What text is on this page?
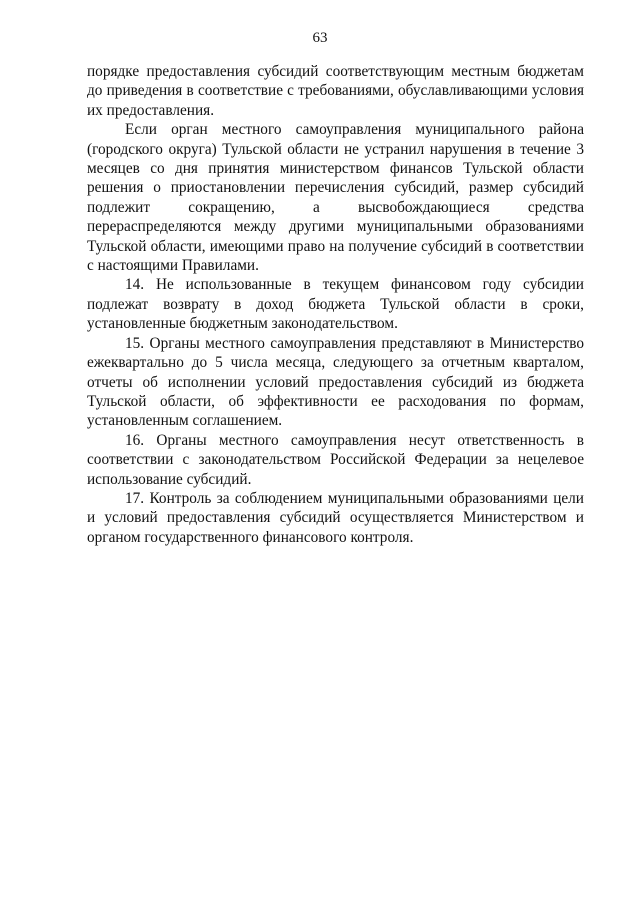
63

порядке предоставления субсидий соответствующим местным бюджетам до приведения в соответствие с требованиями, обуславливающими условия их предоставления.

Если орган местного самоуправления муниципального района (городского округа) Тульской области не устранил нарушения в течение 3 месяцев со дня принятия министерством финансов Тульской области решения о приостановлении перечисления субсидий, размер субсидий подлежит сокращению, а высвобождающиеся средства перераспределяются между другими муниципальными образованиями Тульской области, имеющими право на получение субсидий в соответствии с настоящими Правилами.

14. Не использованные в текущем финансовом году субсидии подлежат возврату в доход бюджета Тульской области в сроки, установленные бюджетным законодательством.

15. Органы местного самоуправления представляют в Министерство ежеквартально до 5 числа месяца, следующего за отчетным кварталом, отчеты об исполнении условий предоставления субсидий из бюджета Тульской области, об эффективности ее расходования по формам, установленным соглашением.

16. Органы местного самоуправления несут ответственность в соответствии с законодательством Российской Федерации за нецелевое использование субсидий.

17. Контроль за соблюдением муниципальными образованиями цели и условий предоставления субсидий осуществляется Министерством и органом государственного финансового контроля.
